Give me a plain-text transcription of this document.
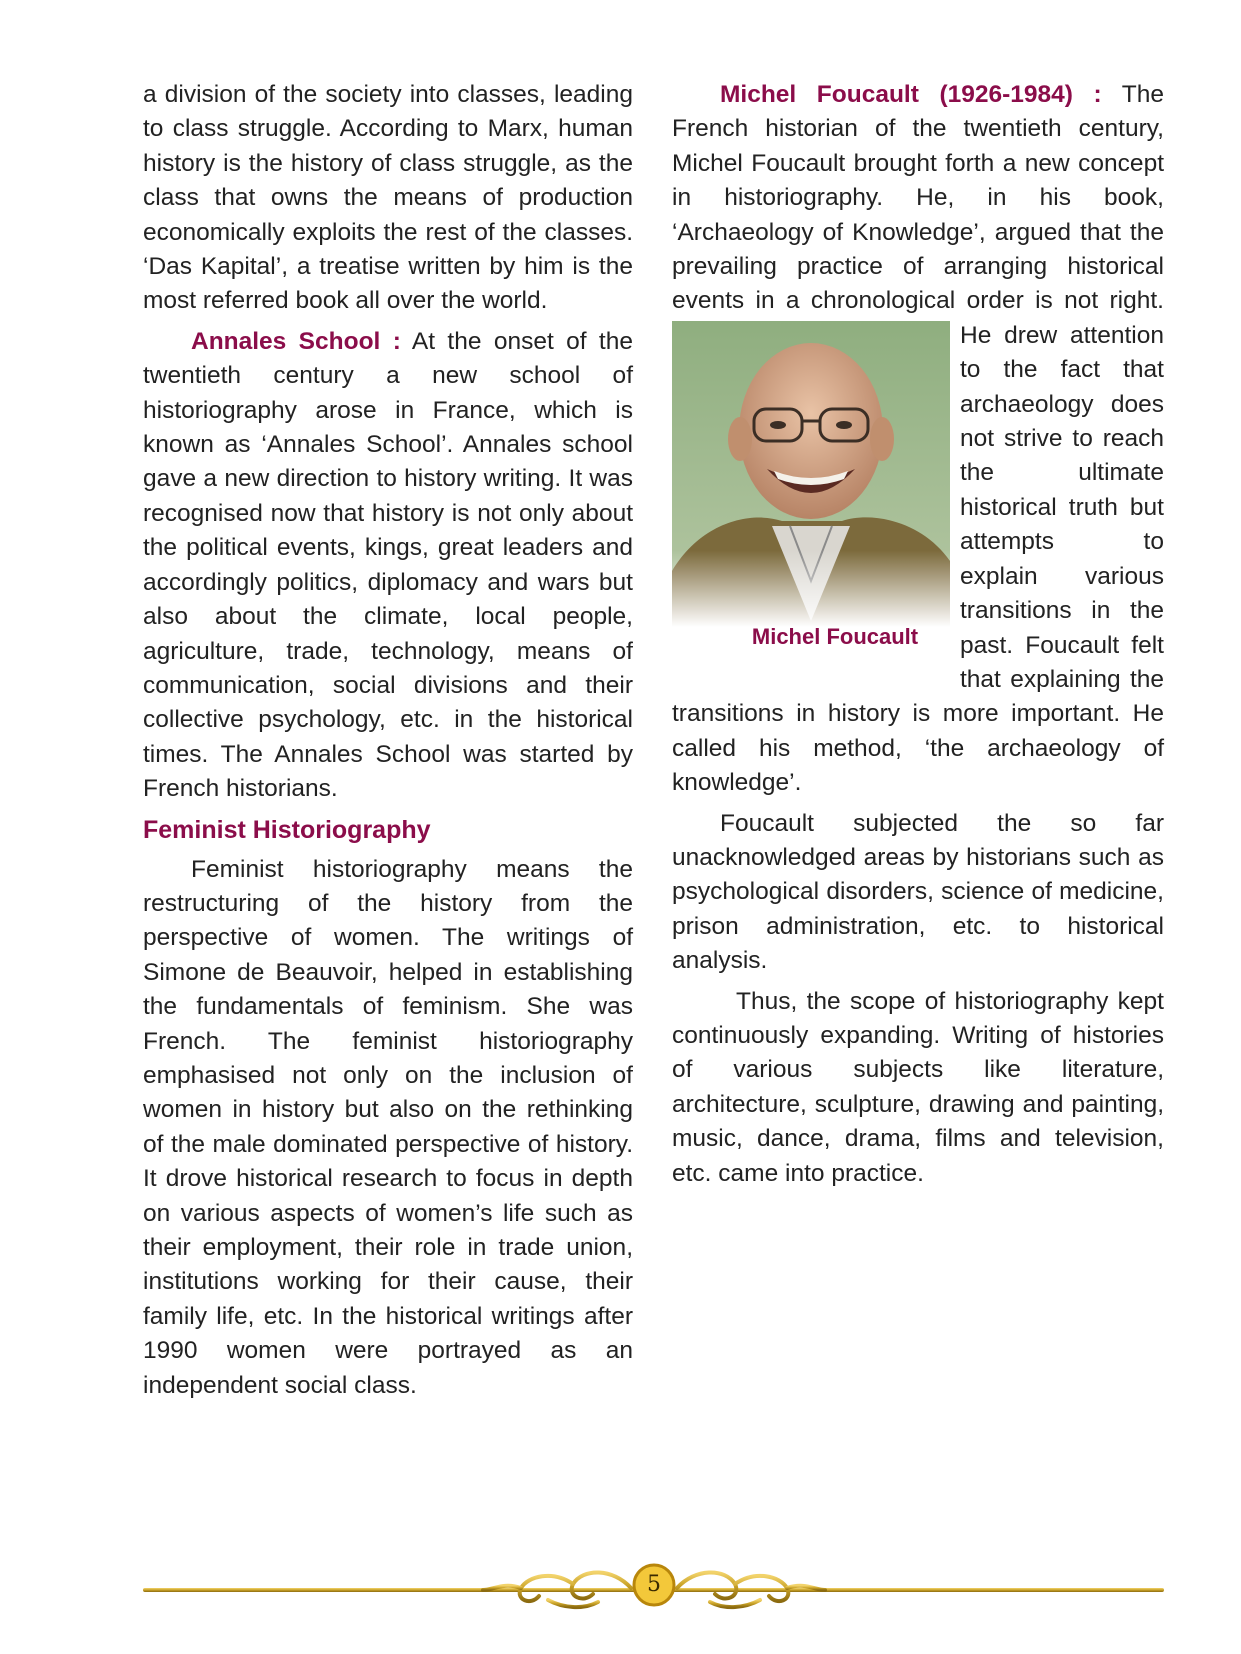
a division of the society into classes, leading to class struggle. According to Marx, human history is the history of class struggle, as the class that owns the means of production economically exploits the rest of the classes. ‘Das Kapital’, a treatise written by him is the most referred book all over the world.

Annales School : At the onset of the twentieth century a new school of historiography arose in France, which is known as ‘Annales School’. Annales school gave a new direction to history writing. It was recognised now that history is not only about the political events, kings, great leaders and accordingly politics, diplomacy and wars but also about the climate, local people, agriculture, trade, technology, means of communication, social divisions and their collective psychology, etc. in the historical times. The Annales School was started by French historians.

Feminist Historiography

Feminist historiography means the restructuring of the history from the perspective of women. The writings of Simone de Beauvoir, helped in establishing the fundamentals of feminism. She was French. The feminist historiography emphasised not only on the inclusion of women in history but also on the rethinking of the male dominated perspective of history. It drove historical research to focus in depth on various aspects of women’s life such as their employment, their role in trade union, institutions working for their cause, their family life, etc. In the historical writings after 1990 women were portrayed as an independent social class.

Michel Foucault (1926-1984) : The French historian of the twentieth century, Michel Foucault brought forth a new concept in historiography. He, in his book, ‘Archaeology of Knowledge’, argued that the prevailing practice of arranging historical events in a chronological order
Michel Foucault
is not right. He drew attention to the fact that archaeology does not strive to reach the ultimate historical truth but attempts to explain various transitions in the past. Foucault felt that explaining the transitions in history is more important. He called his method, ‘the archaeology of knowledge’.

Foucault subjected the so far unacknowledged areas by historians such as psychological disorders, science of medicine, prison administration, etc. to historical analysis.

Thus, the scope of historiography kept continuously expanding. Writing of histories of various subjects like literature, architecture, sculpture, drawing and painting, music, dance, drama, films and television, etc. came into practice.

5
